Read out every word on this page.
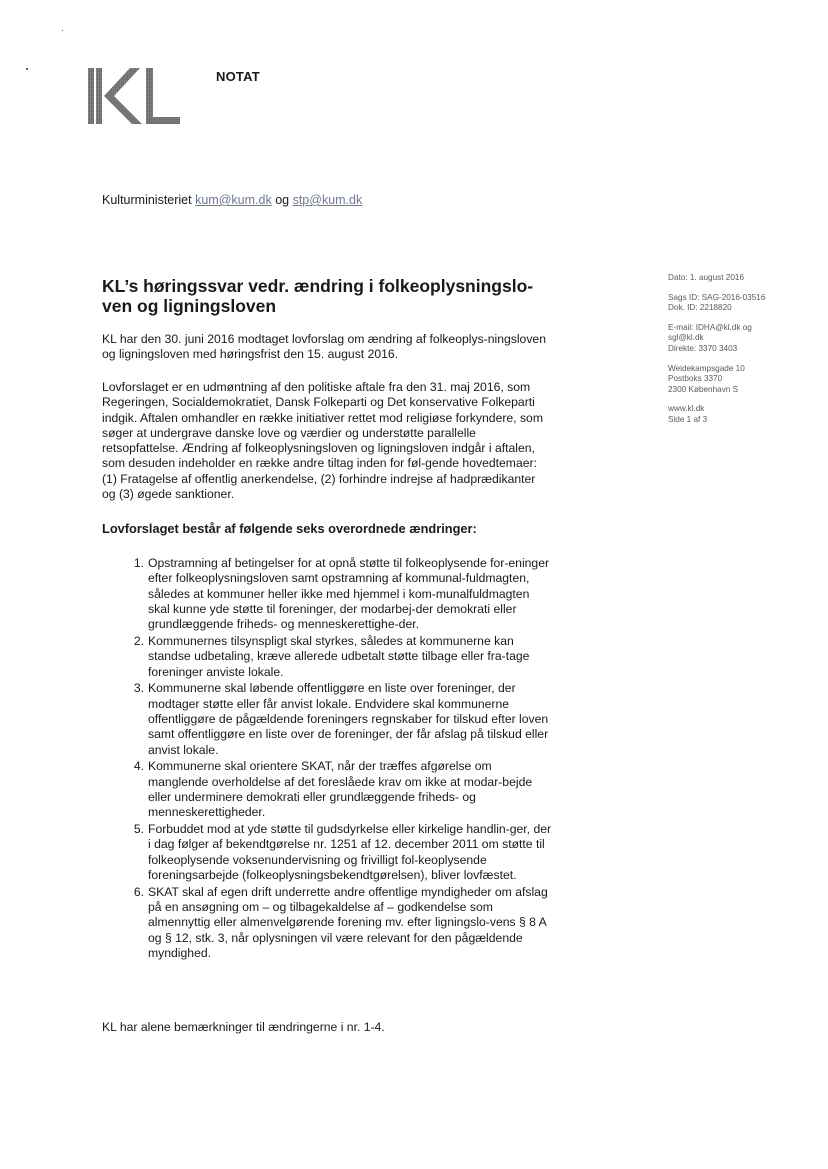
NOTAT
Kulturministeriet kum@kum.dk og stp@kum.dk
KL’s høringssvar vedr. ændring i folkeoplysningslo-ven og ligningsloven

KL har den 30. juni 2016 modtaget lovforslag om ændring af folkeoplys-ningsloven og ligningsloven med høringsfrist den 15. august 2016.

Lovforslaget er en udmøntning af den politiske aftale fra den 31. maj 2016, som Regeringen, Socialdemokratiet, Dansk Folkeparti og Det konservative Folkeparti indgik. Aftalen omhandler en række initiativer rettet mod religiøse forkyndere, som søger at undergrave danske love og værdier og understøtte parallelle retsopfattelse. Ændring af folkeoplysningsloven og ligningsloven indgår i aftalen, som desuden indeholder en række andre tiltag inden for føl-gende hovedtemaer: (1) Fratagelse af offentlig anerkendelse, (2) forhindre indrejse af hadprædikanter og (3) øgede sanktioner.

Lovforslaget består af følgende seks overordnede ændringer:
1. Opstramning af betingelser for at opnå støtte til folkeoplysende for-eninger efter folkeoplysningsloven samt opstramning af kommunal-fuldmagten, således at kommuner heller ikke med hjemmel i kom-munalfuldmagten skal kunne yde støtte til foreninger, der modarbej-der demokrati eller grundlæggende friheds- og menneskerettighe-der.
2. Kommunernes tilsynspligt skal styrkes, således at kommunerne kan standse udbetaling, kræve allerede udbetalt støtte tilbage eller fra-tage foreninger anviste lokale.
3. Kommunerne skal løbende offentliggøre en liste over foreninger, der modtager støtte eller får anvist lokale. Endvidere skal kommunerne offentliggøre de pågældende foreningers regnskaber for tilskud efter loven samt offentliggøre en liste over de foreninger, der får afslag på tilskud eller anvist lokale.
4. Kommunerne skal orientere SKAT, når der træffes afgørelse om manglende overholdelse af det foreslåede krav om ikke at modar-bejde eller underminere demokrati eller grundlæggende friheds- og menneskerettigheder.
5. Forbuddet mod at yde støtte til gudsdyrkelse eller kirkelige handlin-ger, der i dag følger af bekendtgørelse nr. 1251 af 12. december 2011 om støtte til folkeoplysende voksenundervisning og frivilligt fol-keoplysende foreningsarbejde (folkeoplysningsbekendtgørelsen), bliver lovfæstet.
6. SKAT skal af egen drift underrette andre offentlige myndigheder om afslag på en ansøgning om – og tilbagekaldelse af – godkendelse som almennyttig eller almenvelgørende forening mv. efter ligningslo-vens § 8 A og § 12, stk. 3, når oplysningen vil være relevant for den pågældende myndighed.

KL har alene bemærkninger til ændringerne i nr. 1-4.

Dato: 1. august 2016
Sags ID: SAG-2016-03516
Dok. ID: 2218820
E-mail: IDHA@kl.dk og
sgl@kl.dk
Direkte: 3370 3403
Weidekampsgade 10
Postboks 3370
2300 København S
www.kl.dk
Side 1 af 3
